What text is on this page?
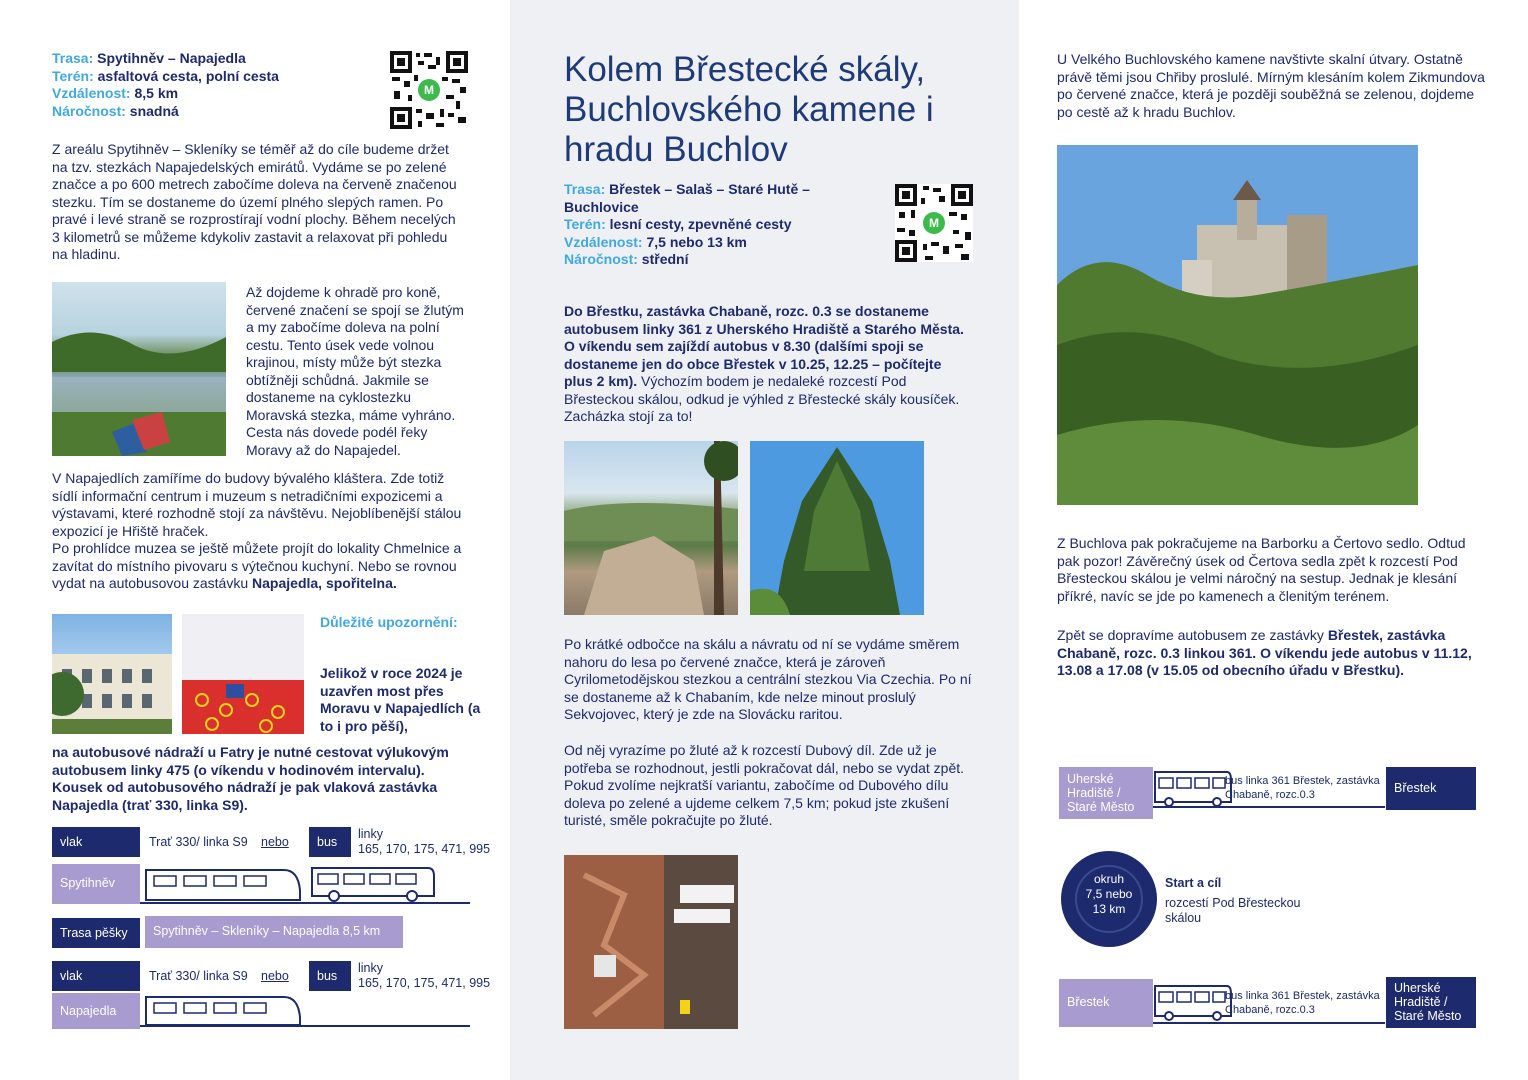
Trasa: Spytihněv – Napajedla
Terén: asfaltová cesta, polní cesta
Vzdálenost: 8,5 km
Náročnost: snadná
M
Z areálu Spytihněv – Skleníky se téměř až do cíle budeme držet na tzv. stezkách Napajedelských emirátů. Vydáme se po zelené značce a po 600 metrech zabočíme doleva na červeně značenou stezku. Tím se dostaneme do území plného slepých ramen. Po pravé i levé straně se rozprostírají vodní plochy. Během necelých 3 kilometrů se můžeme kdykoliv zastavit a relaxovat při pohledu na hladinu.
Až dojdeme k ohradě pro koně, červené značení se spojí se žlutým a my zabočíme doleva na polní cestu. Tento úsek vede volnou krajinou, místy může být stezka obtížněji schůdná. Jakmile se dostaneme na cyklostezku Moravská stezka, máme vyhráno. Cesta nás dovede podél řeky Moravy až do Napajedel.
V Napajedlích zamíříme do budovy bývalého kláštera. Zde totiž sídlí informační centrum i muzeum s netradičními expozicemi a výstavami, které rozhodně stojí za návštěvu. Nejoblíbenější stálou expozicí je Hřiště hraček.
Po prohlídce muzea se ještě můžete projít do lokality Chmelnice a zavítat do místního pivovaru s výtečnou kuchyní. Nebo se rovnou vydat na autobusovou zastávku Napajedla, spořitelna.
Důležité upozornění:
Jelikož v roce 2024 je uzavřen most přes Moravu v Napajedlích (a to i pro pěší),
na autobusové nádraží u Fatry je nutné cestovat výlukovým autobusem linky 475 (o víkendu v hodinovém intervalu). Kousek od autobusového nádraží je pak vlaková zastávka Napajedla (trať 330, linka S9).
vlak	Trať 330/ linka S9 nebo	bus
linky
165, 170, 175, 471, 995
Spytihněv
Trasa pěšky	Spytihněv – Skleníky – Napajedla 8,5 km
vlak	Trať 330/ linka S9 nebo	bus
linky
165, 170, 175, 471, 995
Napajedla
Kolem Břestecké skály, Buchlovského kamene i hradu Buchlov
Trasa: Břestek – Salaš – Staré Hutě – Buchlovice
Terén: lesní cesty, zpevněné cesty
Vzdálenost: 7,5 nebo 13 km
Náročnost: střední
M
Do Břestku, zastávka Chabaně, rozc. 0.3 se dostaneme autobusem linky 361 z Uherského Hradiště a Starého Města. O víkendu sem zajíždí autobus v 8.30 (dalšími spoji se dostaneme jen do obce Břestek v 10.25, 12.25 – počítejte plus 2 km). Výchozím bodem je nedaleké rozcestí Pod Břesteckou skálou, odkud je výhled z Břestecké skály kousíček. Zacházka stojí za to!
Po krátké odbočce na skálu a návratu od ní se vydáme směrem nahoru do lesa po červené značce, která je zároveň Cyrilometodějskou stezkou a centrální stezkou Via Czechia. Po ní se dostaneme až k Chabaním, kde nelze minout proslulý Sekvojovec, který je zde na Slovácku raritou.
Od něj vyrazíme po žluté až k rozcestí Dubový díl. Zde už je potřeba se rozhodnout, jestli pokračovat dál, nebo se vydat zpět. Pokud zvolíme nejkratší variantu, zabočíme od Dubového dílu doleva po zelené a ujdeme celkem 7,5 km; pokud jste zkušení turisté, směle pokračujte po žluté.
U Velkého Buchlovského kamene navštivte skalní útvary. Ostatně právě těmi jsou Chřiby proslulé. Mírným klesáním kolem Zikmundova po červené značce, která je později souběžná se zelenou, dojdeme po cestě až k hradu Buchlov.
Z Buchlova pak pokračujeme na Barborku a Čertovo sedlo. Odtud pak pozor! Závěrečný úsek od Čertova sedla zpět k rozcestí Pod Břesteckou skálou je velmi náročný na sestup. Jednak je klesání příkré, navíc se jde po kamenech a členitým terénem.
Zpět se dopravíme autobusem ze zastávky Břestek, zastávka Chabaně, rozc. 0.3 linkou 361. O víkendu jede autobus v 11.12, 13.08 a 17.08 (v 15.05 od obecního úřadu v Břestku).
Uherské Hradiště / Staré Město
bus linka 361 Břestek, zastávka Chabaně, rozc.0.3	Břestek
okruh
7,5 nebo
13 km
Start a cíl
rozcestí Pod Břesteckou skálou
Břestek	bus linka 361 Břestek, zastávka Chabaně, rozc.0.3
Uherské Hradiště / Staré Město
